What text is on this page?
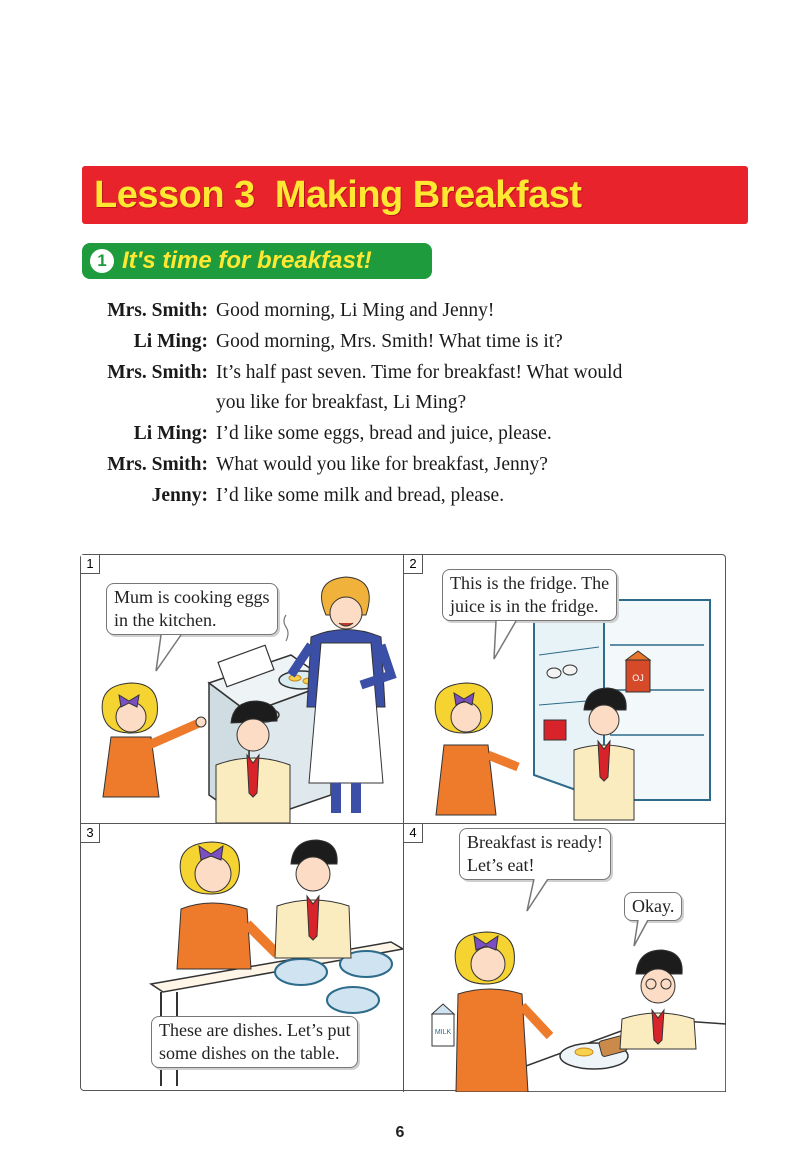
Lesson 3  Making Breakfast
1 It's time for breakfast!
Mrs. Smith: Good morning, Li Ming and Jenny!
Li Ming: Good morning, Mrs. Smith! What time is it?
Mrs. Smith: It’s half past seven. Time for breakfast! What would
you like for breakfast, Li Ming?
Li Ming: I’d like some eggs, bread and juice, please.
Mrs. Smith: What would you like for breakfast, Jenny?
Jenny: I’d like some milk and bread, please.
1
Mum is cooking eggs
in the kitchen.
2
OJ
This is the fridge. The
juice is in the fridge.
3
These are dishes. Let’s put
some dishes on the table.
4
MILK
Breakfast is ready!
Let’s eat!
Okay.
6
